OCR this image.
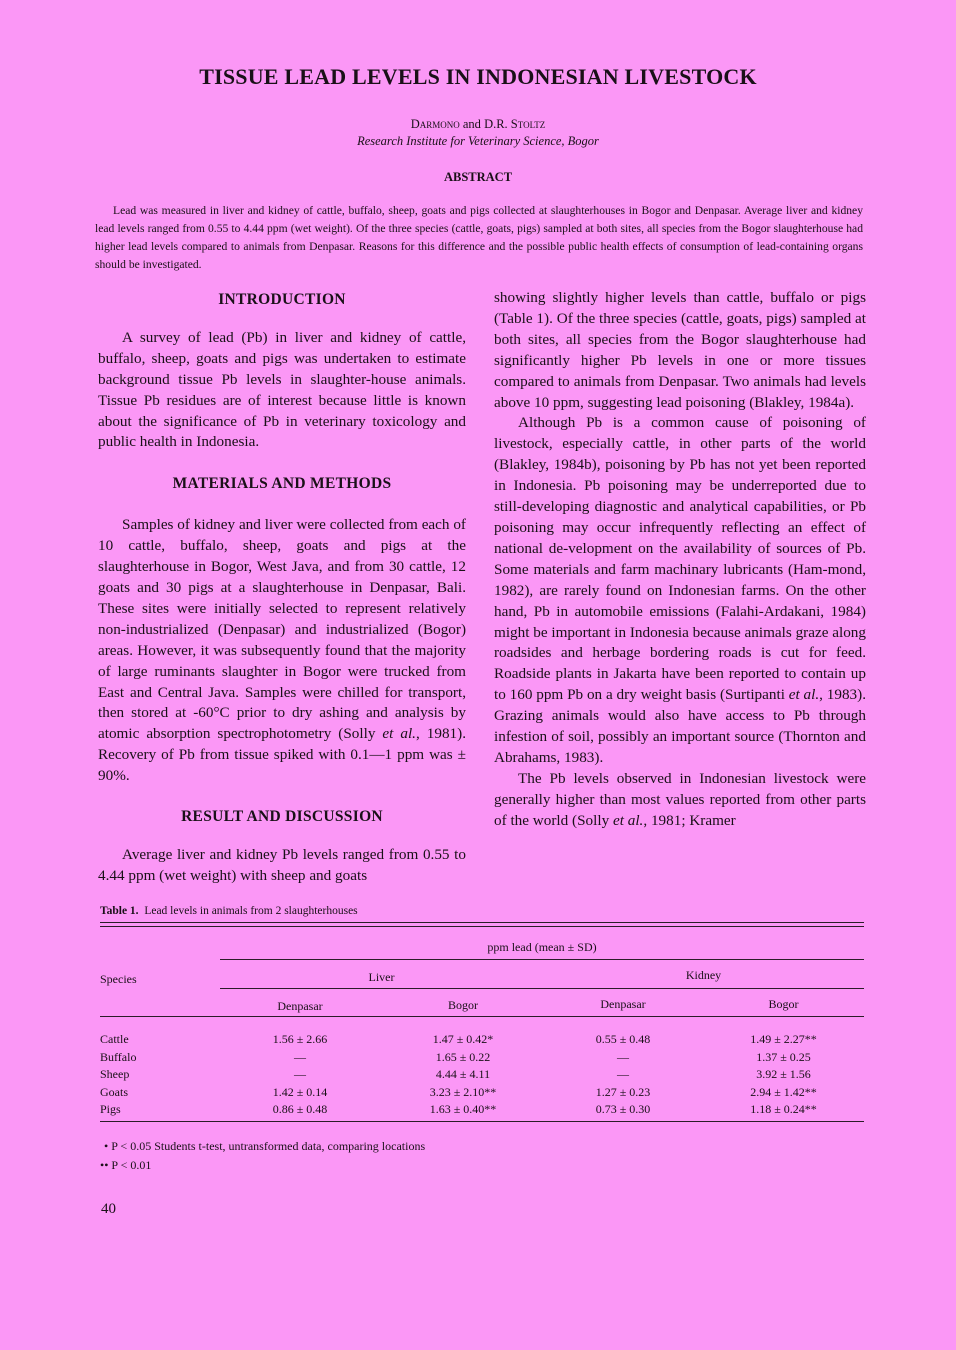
TISSUE LEAD LEVELS IN INDONESIAN LIVESTOCK
Darmono and D.R. Stoltz
Research Institute for Veterinary Science, Bogor
ABSTRACT
Lead was measured in liver and kidney of cattle, buffalo, sheep, goats and pigs collected at slaughterhouses in Bogor and Denpasar. Average liver and kidney lead levels ranged from 0.55 to 4.44 ppm (wet weight). Of the three species (cattle, goats, pigs) sampled at both sites, all species from the Bogor slaughterhouse had higher lead levels compared to animals from Denpasar. Reasons for this difference and the possible public health effects of consumption of lead-containing organs should be investigated.
INTRODUCTION

A survey of lead (Pb) in liver and kidney of cattle, buffalo, sheep, goats and pigs was undertaken to estimate background tissue Pb levels in slaughter-house animals. Tissue Pb residues are of interest because little is known about the significance of Pb in veterinary toxicology and public health in Indonesia.

MATERIALS AND METHODS

Samples of kidney and liver were collected from each of 10 cattle, buffalo, sheep, goats and pigs at the slaughterhouse in Bogor, West Java, and from 30 cattle, 12 goats and 30 pigs at a slaughterhouse in Denpasar, Bali. These sites were initially selected to represent relatively non-industrialized (Denpasar) and industrialized (Bogor) areas. However, it was subsequently found that the majority of large ruminants slaughter in Bogor were trucked from East and Central Java. Samples were chilled for transport, then stored at -60°C prior to dry ashing and analysis by atomic absorption spectrophotometry (Solly et al., 1981). Recovery of Pb from tissue spiked with 0.1—1 ppm was ± 90%.

RESULT AND DISCUSSION

Average liver and kidney Pb levels ranged from 0.55 to 4.44 ppm (wet weight) with sheep and goats

showing slightly higher levels than cattle, buffalo or pigs (Table 1). Of the three species (cattle, goats, pigs) sampled at both sites, all species from the Bogor slaughterhouse had significantly higher Pb levels in one or more tissues compared to animals from Denpasar. Two animals had levels above 10 ppm, suggesting lead poisoning (Blakley, 1984a).

Although Pb is a common cause of poisoning of livestock, especially cattle, in other parts of the world (Blakley, 1984b), poisoning by Pb has not yet been reported in Indonesia. Pb poisoning may be underreported due to still-developing diagnostic and analytical capabilities, or Pb poisoning may occur infrequently reflecting an effect of national de-velopment on the availability of sources of Pb. Some materials and farm machinary lubricants (Ham-mond, 1982), are rarely found on Indonesian farms. On the other hand, Pb in automobile emissions (Falahi-Ardakani, 1984) might be important in Indonesia because animals graze along roadsides and herbage bordering roads is cut for feed. Roadside plants in Jakarta have been reported to contain up to 160 ppm Pb on a dry weight basis (Surtipanti et al., 1983). Grazing animals would also have access to Pb through infestion of soil, possibly an important source (Thornton and Abrahams, 1983).

The Pb levels observed in Indonesian livestock were generally higher than most values reported from other parts of the world (Solly et al., 1981; Kramer

Table 1. Lead levels in animals from 2 slaughterhouses
ppm lead (mean ± SD)
Species	Liver	Kidney
Denpasar	Bogor	Denpasar	Bogor
Cattle	1.56 ± 2.66	1.47 ± 0.42*	0.55 ± 0.48	1.49 ± 2.27**
Buffalo	—	1.65 ± 0.22	—	1.37 ± 0.25
Sheep	—	4.44 ± 4.11	—	3.92 ± 1.56
Goats	1.42 ± 0.14	3.23 ± 2.10**	1.27 ± 0.23	2.94 ± 1.42**
Pigs	0.86 ± 0.48	1.63 ± 0.40**	0.73 ± 0.30	1.18 ± 0.24**
• P < 0.05 Students t-test, untransformed data, comparing locations
•• P < 0.01
40
